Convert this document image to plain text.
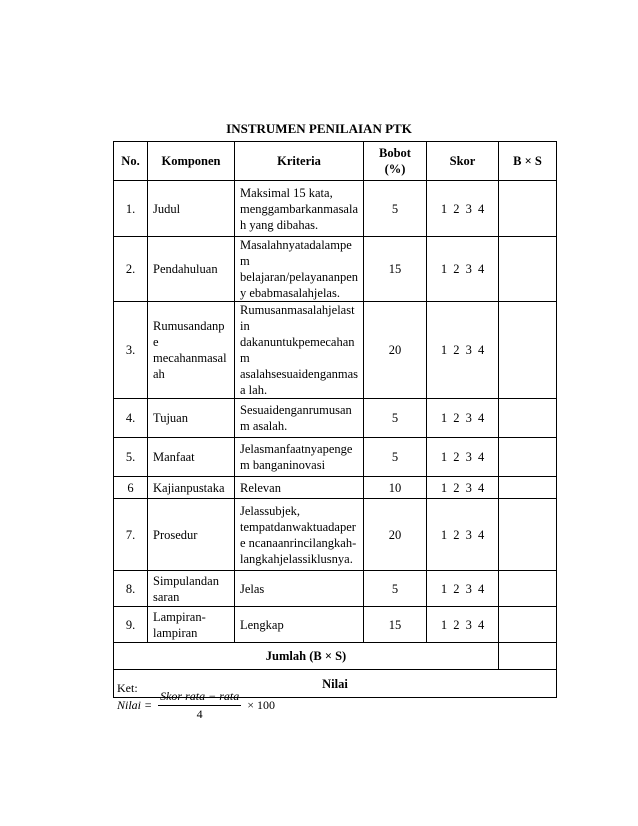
INSTRUMEN PENILAIAN PTK
No.	Komponen	Kriteria	Bobot (%)	Skor	B × S
1.	Judul	Maksimal 15 kata, menggambarkanmasalah yang dibahas.	5	1 2 3 4	
2.	Pendahuluan	Masalahnyatadalampem belajaran/pelayananpeny ebabmasalahjelas.	15	1 2 3 4	
3.	Rumusandanpe mecahanmasal ah	Rumusanmasalahjelastin dakanuntukpemecahanm asalahsesuaidenganmasa lah.	20	1 2 3 4	
4.	Tujuan	Sesuaidenganrumusanm asalah.	5	1 2 3 4	
5.	Manfaat	Jelasmanfaatnyapengem banganinovasi	5	1 2 3 4	
6	Kajianpustaka	Relevan	10	1 2 3 4	
7.	Prosedur	Jelassubjek, tempatdanwaktuadapere ncanaanrincilangkah- langkahjelassiklusnya.	20	1 2 3 4	
8.	Simpulandan saran	Jelas	5	1 2 3 4	
9.	Lampiran- lampiran	Lengkap	15	1 2 3 4	
Jumlah (B × S)					
Nilai					
Ket:
Nilai = $\frac{\text{Skor rata − rata}}{4} \times 100$
